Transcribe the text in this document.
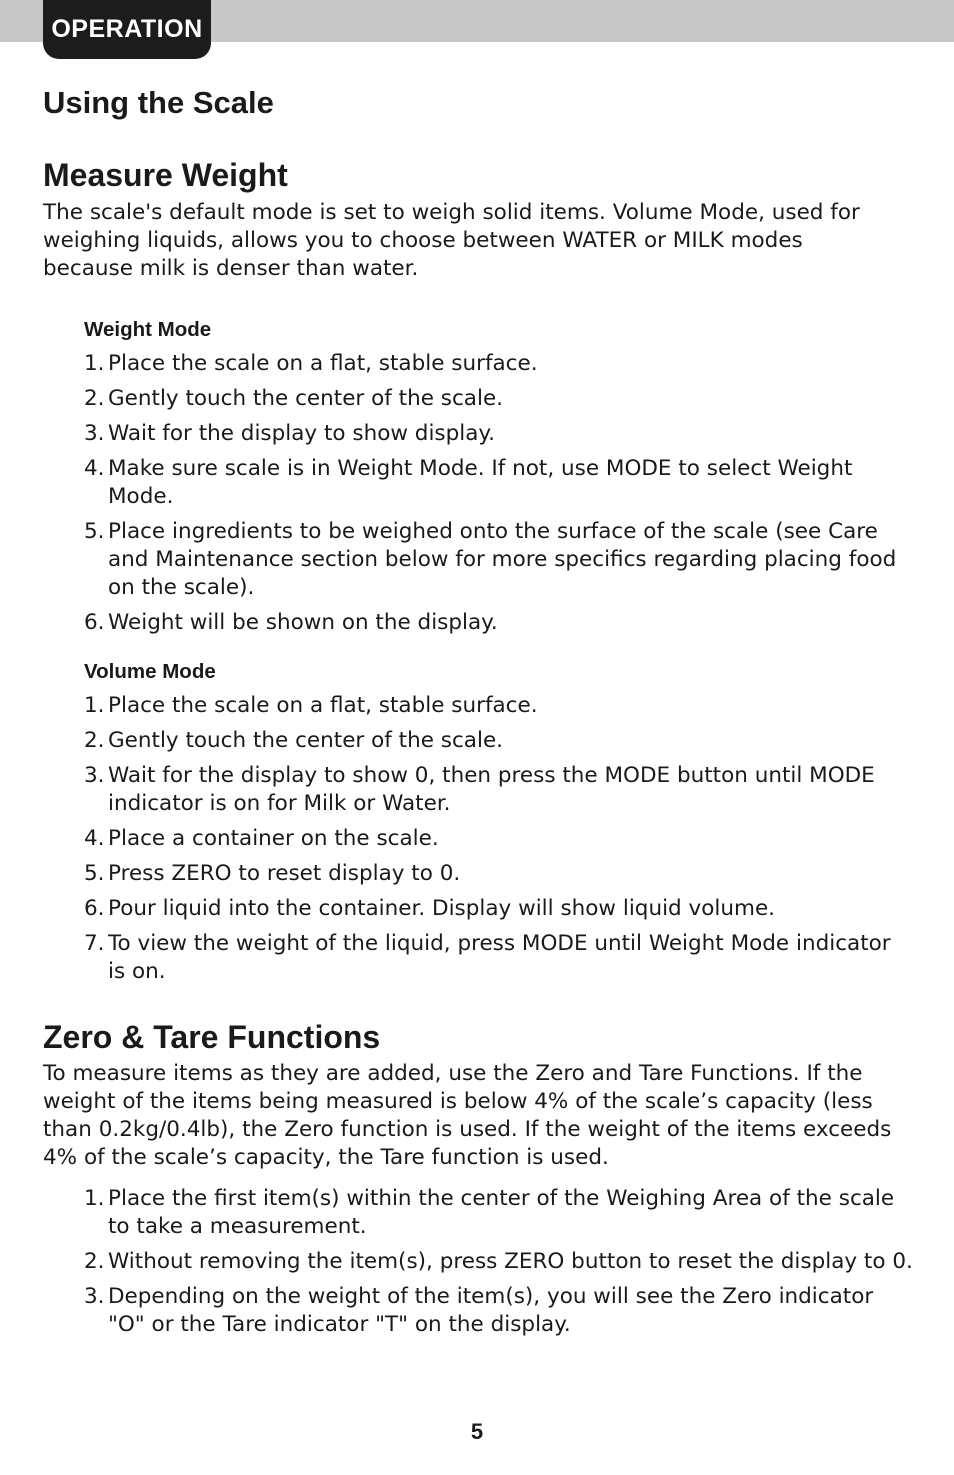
OPERATION
Using the Scale
Measure Weight

The scale's default mode is set to weigh solid items. Volume Mode, used for weighing liquids, allows you to choose between WATER or MILK modes because milk is denser than water.

Weight Mode
1. Place the scale on a flat, stable surface.
2. Gently touch the center of the scale.
3. Wait for the display to show display.
4. Make sure scale is in Weight Mode. If not, use MODE to select Weight Mode.
5. Place ingredients to be weighed onto the surface of the scale (see Care and Maintenance section below for more specifics regarding placing food on the scale).
6. Weight will be shown on the display.
Volume Mode
1. Place the scale on a flat, stable surface.
2. Gently touch the center of the scale.
3. Wait for the display to show 0, then press the MODE button until MODE indicator is on for Milk or Water.
4. Place a container on the scale.
5. Press ZERO to reset display to 0.
6. Pour liquid into the container. Display will show liquid volume.
7. To view the weight of the liquid, press MODE until Weight Mode indicator is on.
Zero & Tare Functions

To measure items as they are added, use the Zero and Tare Functions. If the weight of the items being measured is below 4% of the scale’s capacity (less than 0.2kg/0.4lb), the Zero function is used. If the weight of the items exceeds 4% of the scale’s capacity, the Tare function is used.

1. Place the first item(s) within the center of the Weighing Area of the scale to take a measurement.
2. Without removing the item(s), press ZERO button to reset the display to 0.
3. Depending on the weight of the item(s), you will see the Zero indicator "O" or the Tare indicator "T" on the display.
5
